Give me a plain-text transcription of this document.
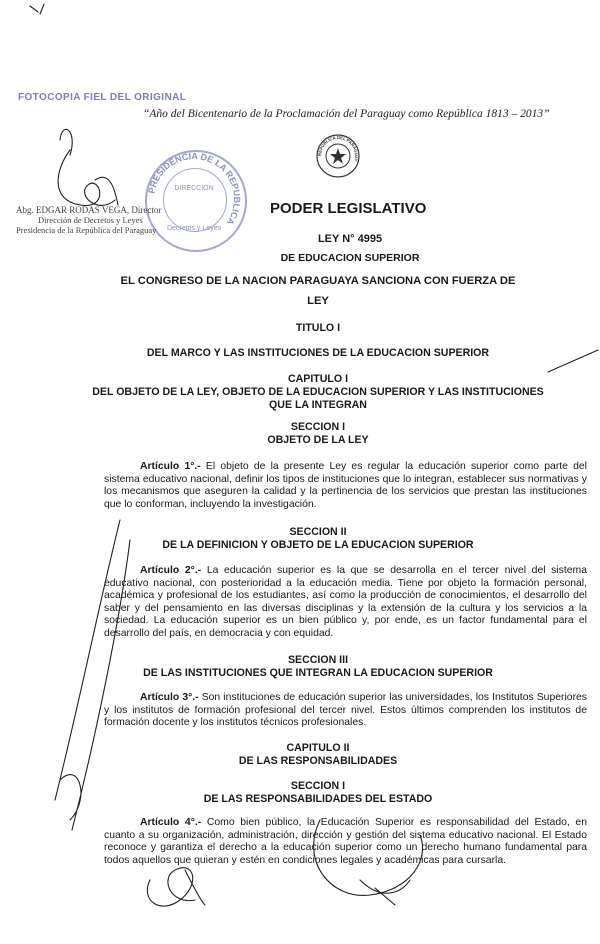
FOTOCOPIA FIEL DEL ORIGINAL
“Año del Bicentenario de la Proclamación del Paraguay como República 1813 – 2013”
REPUBLICA DEL PARAGUAY
PRESIDENCIA DE LA REPUBLICA
DIRECCION
Decretos y Leyes
Abg. EDGAR RODAS VEGA, Director
Dirección de Decretos y Leyes
Presidencia de la República del Paraguay
PODER LEGISLATIVO
LEY N° 4995
DE EDUCACION SUPERIOR
EL CONGRESO DE LA NACION PARAGUAYA SANCIONA CON FUERZA DE
LEY
TITULO I
DEL MARCO Y LAS INSTITUCIONES DE LA EDUCACION SUPERIOR
CAPITULO I
DEL OBJETO DE LA LEY, OBJETO DE LA EDUCACION SUPERIOR Y LAS INSTITUCIONES
QUE LA INTEGRAN
SECCION I
OBJETO DE LA LEY
Artículo 1°.- El objeto de la presente Ley es regular la educación superior como parte del sistema educativo nacional, definir los tipos de instituciones que lo integran, establecer sus normativas y los mecanismos que aseguren la calidad y la pertinencia de los servicios que prestan las instituciones que lo conforman, incluyendo la investigación.
SECCION II
DE LA DEFINICION Y OBJETO DE LA EDUCACION SUPERIOR
Artículo 2°.- La educación superior es la que se desarrolla en el tercer nivel del sistema educativo nacional, con posterioridad a la educación media. Tiene por objeto la formación personal, académica y profesional de los estudiantes, así como la producción de conocimientos, el desarrollo del saber y del pensamiento en las diversas disciplinas y la extensión de la cultura y los servicios a la sociedad. La educación superior es un bien público y, por ende, es un factor fundamental para el desarrollo del país, en democracia y con equidad.
SECCION III
DE LAS INSTITUCIONES QUE INTEGRAN LA EDUCACION SUPERIOR
Artículo 3°.- Son instituciones de educación superior las universidades, los Institutos Superiores y los institutos de formación profesional del tercer nivel. Estos últimos comprenden los institutos de formación docente y los institutos técnicos profesionales.
CAPITULO II
DE LAS RESPONSABILIDADES
SECCION I
DE LAS RESPONSABILIDADES DEL ESTADO
Artículo 4°.- Como bien público, la Educación Superior es responsabilidad del Estado, en cuanto a su organización, administración, dirección y gestión del sistema educativo nacional. El Estado reconoce y garantiza el derecho a la educación superior como un derecho humano fundamental para todos aquellos que quieran y estén en condiciones legales y académicas para cursarla.
